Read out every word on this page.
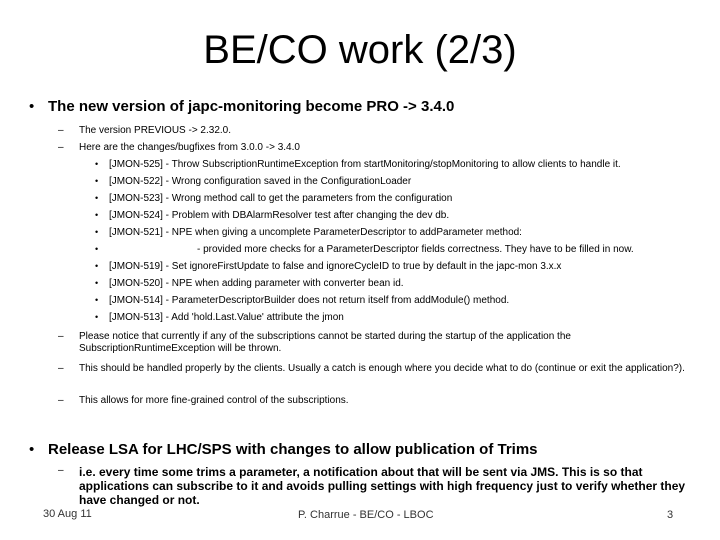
BE/CO work (2/3)
• The new version of japc-monitoring become PRO -> 3.4.0
– The version PREVIOUS -> 2.32.0.
– Here are the changes/bugfixes from 3.0.0 -> 3.4.0
• [JMON-525] - Throw SubscriptionRuntimeException from startMonitoring/stopMonitoring to allow clients to handle it.
• [JMON-522] - Wrong configuration saved in the ConfigurationLoader
• [JMON-523] - Wrong method call to get the parameters from the configuration
• [JMON-524] - Problem with DBAlarmResolver test after changing the dev db.
• [JMON-521] - NPE when giving a uncomplete ParameterDescriptor to addParameter method:
•	- provided more checks for a ParameterDescriptor fields correctness. They have to be filled in now.
• [JMON-519] - Set ignoreFirstUpdate to false and ignoreCycleID to true by default in the japc-mon 3.x.x
• [JMON-520] - NPE when adding parameter with converter bean id.
• [JMON-514] - ParameterDescriptorBuilder does not return itself from addModule() method.
• [JMON-513] - Add 'hold.Last.Value' attribute the jmon
– Please notice that currently if any of the subscriptions cannot be started during the startup of the application the SubscriptionRuntimeException will be thrown.
– This should be handled properly by the clients. Usually a catch is enough where you decide what to do (continue or exit the application?).
– This allows for more fine-grained control of the subscriptions.
• Release LSA for LHC/SPS with changes to allow publication of Trims
– i.e. every time some trims a parameter, a notification about that will be sent via JMS. This is so that applications can subscribe to it and avoids pulling settings with high frequency just to verify whether they have changed or not.
30 Aug 11	P. Charrue - BE/CO - LBOC	3
